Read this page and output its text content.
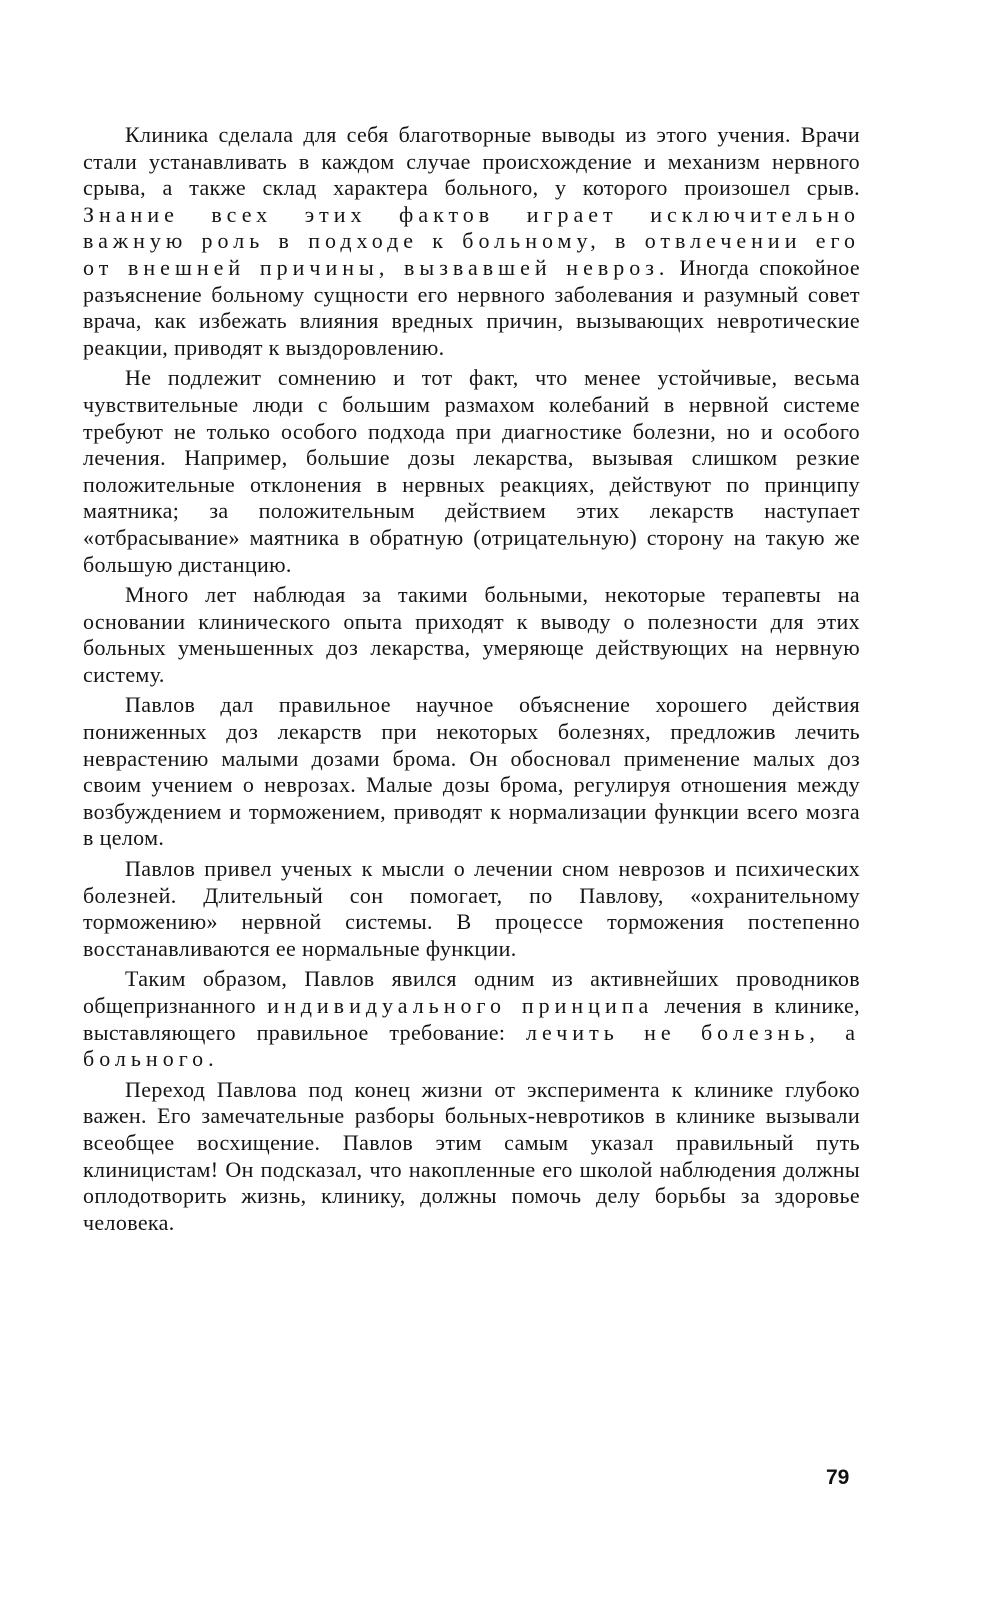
Клиника сделала для себя благотворные выводы из этого учения. Врачи стали устанавливать в каждом случае происхождение и механизм нервного срыва, а также склад характера больного, у которого произошел срыв. Знание всех этих фактов играет исключительно важную роль в подходе к больному, в отвлечении его от внешней причины, вызвавшей невроз. Иногда спокойное разъяснение больному сущности его нервного заболевания и разумный совет врача, как избежать влияния вредных причин, вызывающих невротические реакции, приводят к выздоровлению.

Не подлежит сомнению и тот факт, что менее устойчивые, весьма чувствительные люди с большим размахом колебаний в нервной системе требуют не только особого подхода при диагностике болезни, но и особого лечения. Например, большие дозы лекарства, вызывая слишком резкие положительные отклонения в нервных реакциях, действуют по принципу маятника; за положительным действием этих лекарств наступает «отбрасывание» маятника в обратную (отрицательную) сторону на такую же большую дистанцию.

Много лет наблюдая за такими больными, некоторые терапевты на основании клинического опыта приходят к выводу о полезности для этих больных уменьшенных доз лекарства, умеряюще действующих на нервную систему.

Павлов дал правильное научное объяснение хорошего действия пониженных доз лекарств при некоторых болезнях, предложив лечить неврастению малыми дозами брома. Он обосновал применение малых доз своим учением о неврозах. Малые дозы брома, регулируя отношения между возбуждением и торможением, приводят к нормализации функции всего мозга в целом.

Павлов привел ученых к мысли о лечении сном неврозов и психических болезней. Длительный сон помогает, по Павлову, «охранительному торможению» нервной системы. В процессе торможения постепенно восстанавливаются ее нормальные функции.

Таким образом, Павлов явился одним из активнейших проводников общепризнанного индивидуального принципа лечения в клинике, выставляющего правильное требование: лечить не болезнь, а больного.

Переход Павлова под конец жизни от эксперимента к клинике глубоко важен. Его замечательные разборы больных-невротиков в клинике вызывали всеобщее восхищение. Павлов этим самым указал правильный путь клиницистам! Он подсказал, что накопленные его школой наблюдения должны оплодотворить жизнь, клинику, должны помочь делу борьбы за здоровье человека.

79
